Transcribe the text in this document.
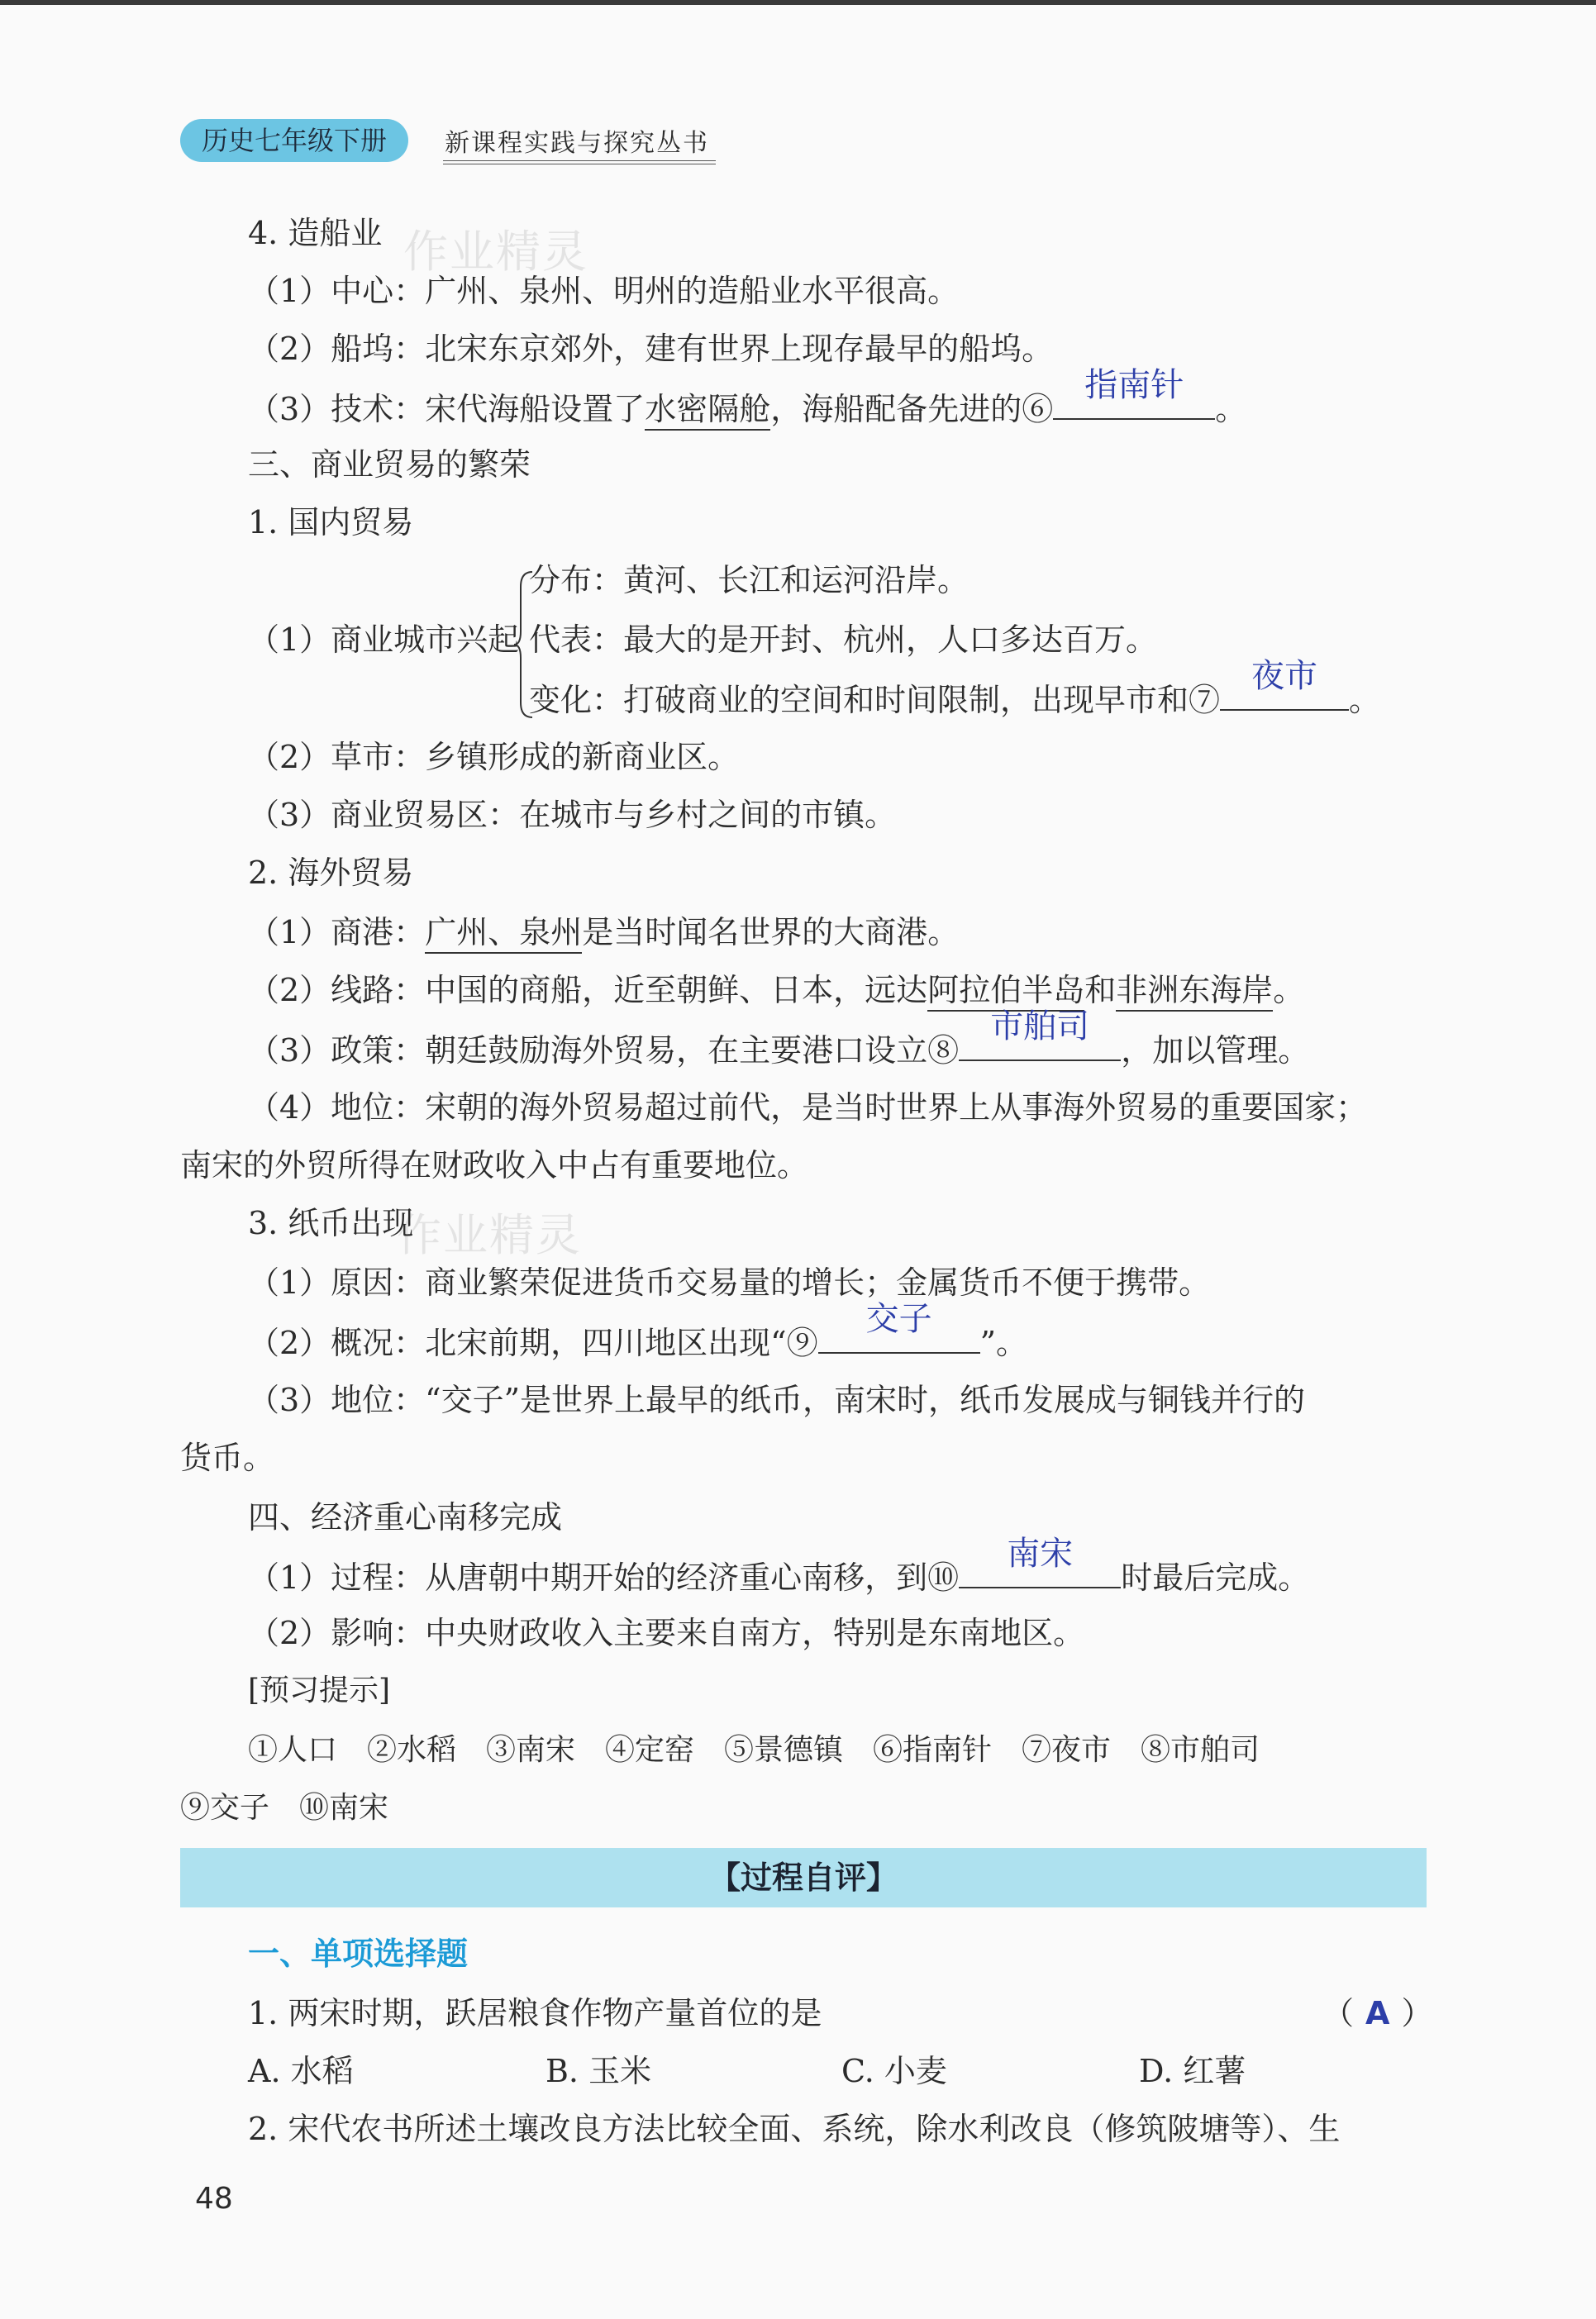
历史七年级下册	新课程实践与探究丛书
作业精灵
作业精灵
4. 造船业
（1）中心：广州、泉州、明州的造船业水平很高。
（2）船坞：北宋东京郊外，建有世界上现存最早的船坞。
（3）技术：宋代海船设置了水密隔舱，海船配备先进的⑥
指南针
。
三、商业贸易的繁荣
1. 国内贸易
分布：黄河、长江和运河沿岸。
（1）商业城市兴起 代表：最大的是开封、杭州，人口多达百万。
变化：打破商业的空间和时间限制，出现早市和⑦
夜市
。
（2）草市：乡镇形成的新商业区。
（3）商业贸易区：在城市与乡村之间的市镇。
2. 海外贸易
（1）商港：广州、泉州是当时闻名世界的大商港。
（2）线路：中国的商船，近至朝鲜、日本，远达阿拉伯半岛和非洲东海岸。
（3）政策：朝廷鼓励海外贸易，在主要港口设立⑧
市舶司
，加以管理。
（4）地位：宋朝的海外贸易超过前代，是当时世界上从事海外贸易的重要国家；
南宋的外贸所得在财政收入中占有重要地位。
3. 纸币出现
（1）原因：商业繁荣促进货币交易量的增长；金属货币不便于携带。
（2）概况：北宋前期，四川地区出现“⑨
交子
”。
（3）地位：“交子”是世界上最早的纸币，南宋时，纸币发展成与铜钱并行的
货币。
四、经济重心南移完成
（1）过程：从唐朝中期开始的经济重心南移，到⑩
南宋
时最后完成。
（2）影响：中央财政收入主要来自南方，特别是东南地区。
[预习提示]
①人口　②水稻　③南宋　④定窑　⑤景德镇　⑥指南针　⑦夜市　⑧市舶司
⑨交子　⑩南宋
【过程自评】
一、单项选择题
1. 两宋时期，跃居粮食作物产量首位的是	（ A ）
A. 水稻	B. 玉米	C. 小麦	D. 红薯
2. 宋代农书所述土壤改良方法比较全面、系统，除水利改良（修筑陂塘等）、生
48
